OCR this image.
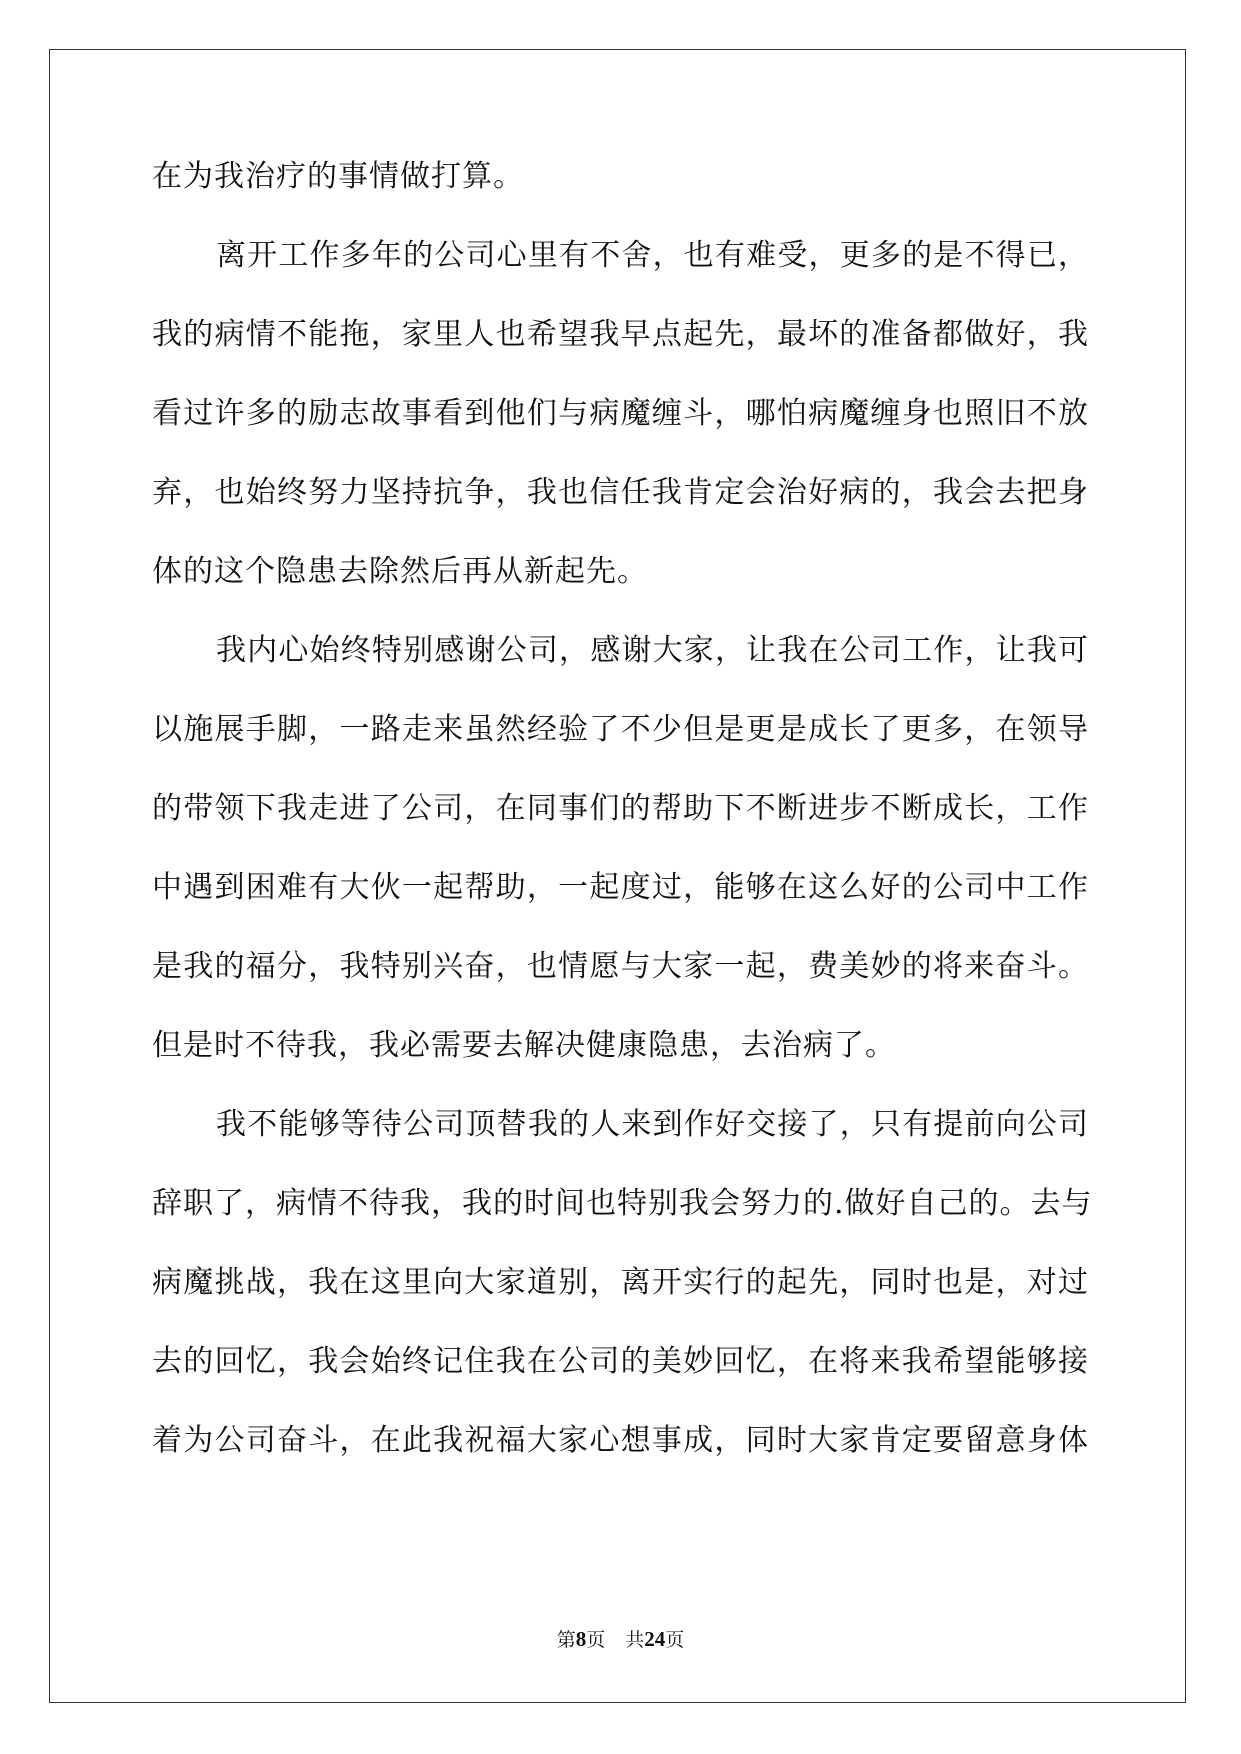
在为我治疗的事情做打算。
离开工作多年的公司心里有不舍，也有难受，更多的是不得已，
我的病情不能拖，家里人也希望我早点起先，最坏的准备都做好，我
看过许多的励志故事看到他们与病魔缠斗，哪怕病魔缠身也照旧不放
弃，也始终努力坚持抗争，我也信任我肯定会治好病的，我会去把身
体的这个隐患去除然后再从新起先。
我内心始终特别感谢公司，感谢大家，让我在公司工作，让我可
以施展手脚，一路走来虽然经验了不少但是更是成长了更多，在领导
的带领下我走进了公司，在同事们的帮助下不断进步不断成长，工作
中遇到困难有大伙一起帮助，一起度过，能够在这么好的公司中工作
是我的福分，我特别兴奋，也情愿与大家一起，费美妙的将来奋斗。
但是时不待我，我必需要去解决健康隐患，去治病了。
我不能够等待公司顶替我的人来到作好交接了，只有提前向公司
辞职了，病情不待我，我的时间也特别我会努力的.做好自己的。去与
病魔挑战，我在这里向大家道别，离开实行的起先，同时也是，对过
去的回忆，我会始终记住我在公司的美妙回忆，在将来我希望能够接
着为公司奋斗，在此我祝福大家心想事成，同时大家肯定要留意身体
第8页 共24页
